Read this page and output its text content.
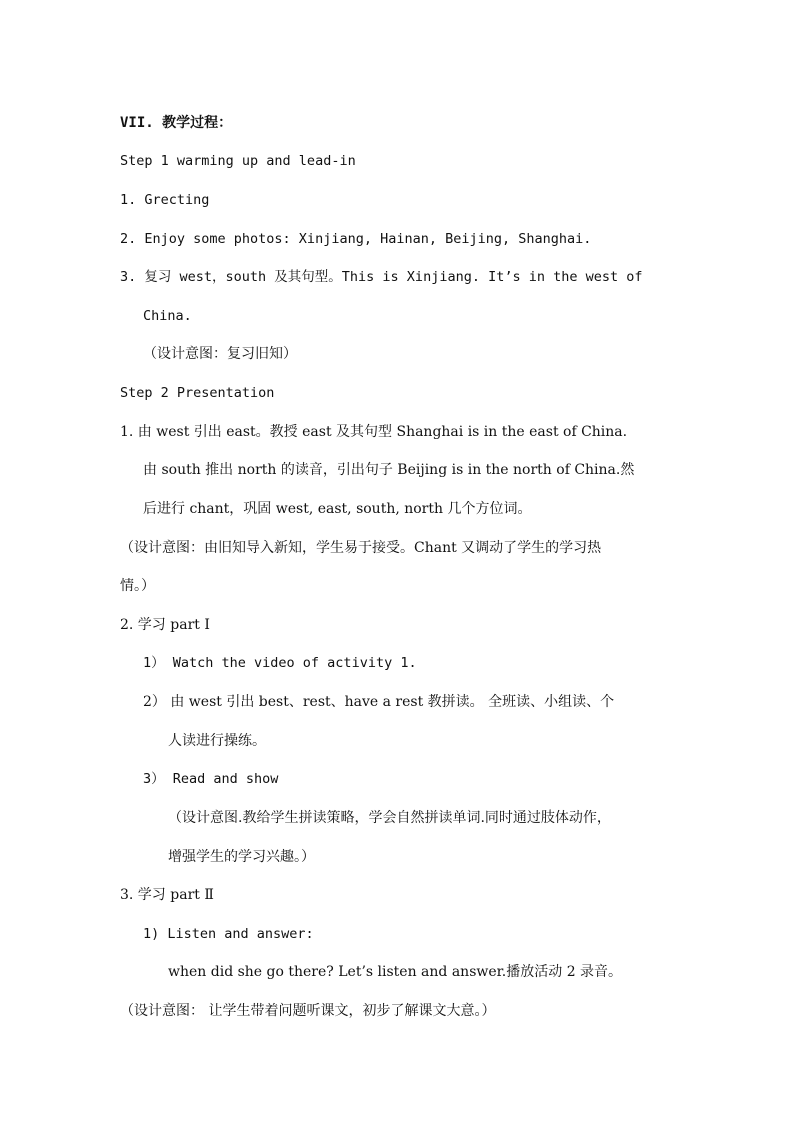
VII. 教学过程：
Step 1 warming up and lead-in
1. Grecting
2. Enjoy some photos: Xinjiang, Hainan, Beijing, Shanghai.
3. 复习 west，south 及其句型。This is Xinjiang. It’s in the west of
China.
（设计意图：复习旧知）
Step 2 Presentation
1. 由 west 引出 east。教授 east 及其句型 Shanghai is in the east of China.
由 south 推出 north 的读音，引出句子 Beijing is in the north of China.然
后进行 chant，巩固 west, east, south, north 几个方位词。
（设计意图：由旧知导入新知，学生易于接受。Chant 又调动了学生的学习热
情。）
2. 学习 part Ⅰ
1） Watch the video of activity 1.
2） 由 west 引出 best、rest、have a rest 教拼读。 全班读、小组读、个
人读进行操练。
3） Read and show
（设计意图.教给学生拼读策略，学会自然拼读单词.同时通过肢体动作，
增强学生的学习兴趣。）
3. 学习 part Ⅱ
1) Listen and answer:
when did she go there? Let’s listen and answer.播放活动 2 录音。
（设计意图： 让学生带着问题听课文，初步了解课文大意。）
